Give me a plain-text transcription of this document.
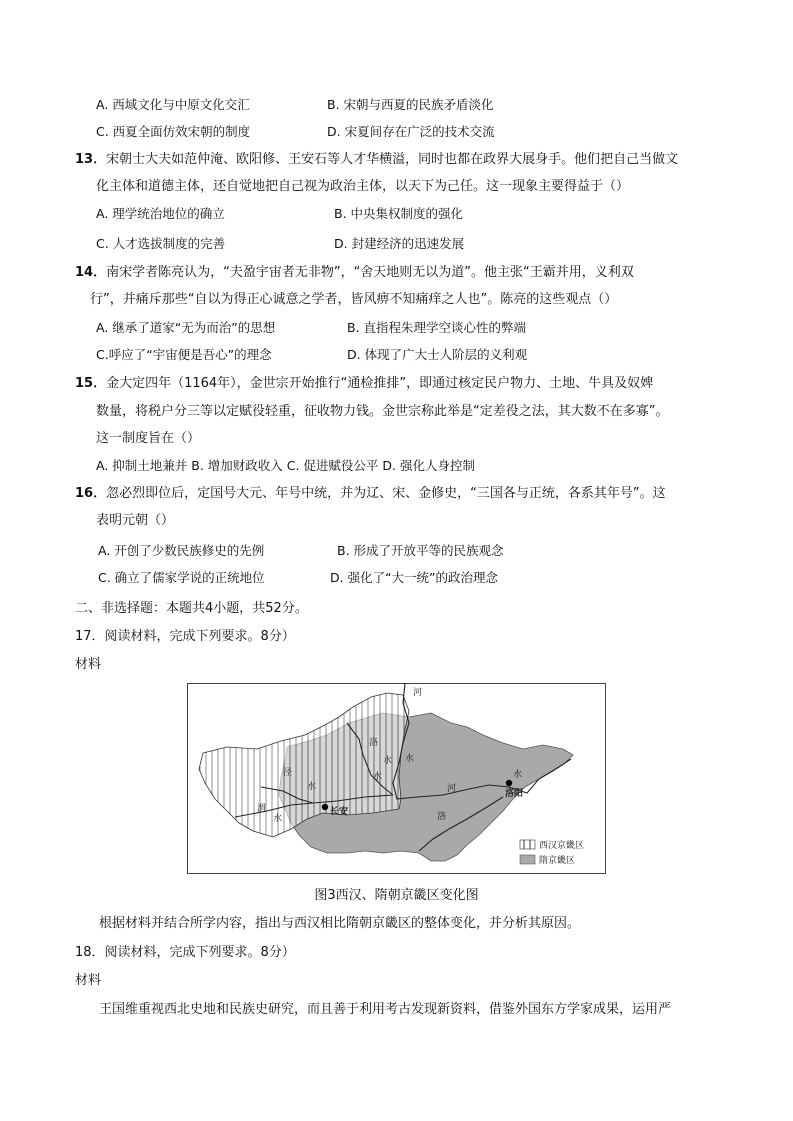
A. 西域文化与中原文化交汇	B. 宋朝与西夏的民族矛盾淡化
C. 西夏全面仿效宋朝的制度	D. 宋夏间存在广泛的技术交流
13．宋朝士大夫如范仲淹、欧阳修、王安石等人才华横溢，同时也都在政界大展身手。他们把自己当做文
化主体和道德主体，还自觉地把自己视为政治主体，以天下为己任。这一现象主要得益于（）
A. 理学统治地位的确立	B. 中央集权制度的强化
C. 人才选拔制度的完善	D. 封建经济的迅速发展
14．南宋学者陈亮认为，“夫盈宇宙者无非物”，“舍天地则无以为道”。他主张“王霸并用，义利双
行”，并痛斥那些“自以为得正心诚意之学者，皆风痹不知痛痒之人也”。陈亮的这些观点（）
A. 继承了道家“无为而治”的思想	B. 直指程朱理学空谈心性的弊端
C.呼应了“宇宙便是吾心”的理念	D. 体现了广大士人阶层的义利观
15．金大定四年（1164年），金世宗开始推行“通检推排”，即通过核定民户物力、土地、牛具及奴婢
数量，将税户分三等以定赋役轻重，征收物力钱。金世宗称此举是“定差役之法，其大数不在多寡”。
这一制度旨在（）
A. 抑制土地兼并 B. 增加财政收入 C. 促进赋役公平 D. 强化人身控制
16．忽必烈即位后，定国号大元、年号中统，并为辽、宋、金修史，“三国各与正统，各系其年号”。这
表明元朝（）
A. 开创了少数民族修史的先例	B. 形成了开放平等的民族观念
C. 确立了儒家学说的正统地位	D. 强化了“大一统”的政治理念
二、非选择题：本题共4小题，共52分。
17．阅读材料，完成下列要求。8分）
材料
河
洛
水
泾
水
水
水
河
水
渭
水	洛
长安
洛阳
西汉京畿区
隋京畿区
图3西汉、隋朝京畿区变化图
根据材料并结合所学内容，指出与西汉相比隋朝京畿区的整体变化，并分析其原因。
18．阅读材料，完成下列要求。8分）
材料
王国维重视西北史地和民族史研究，而且善于利用考古发现新资料，借鉴外国东方学家成果，运用严
